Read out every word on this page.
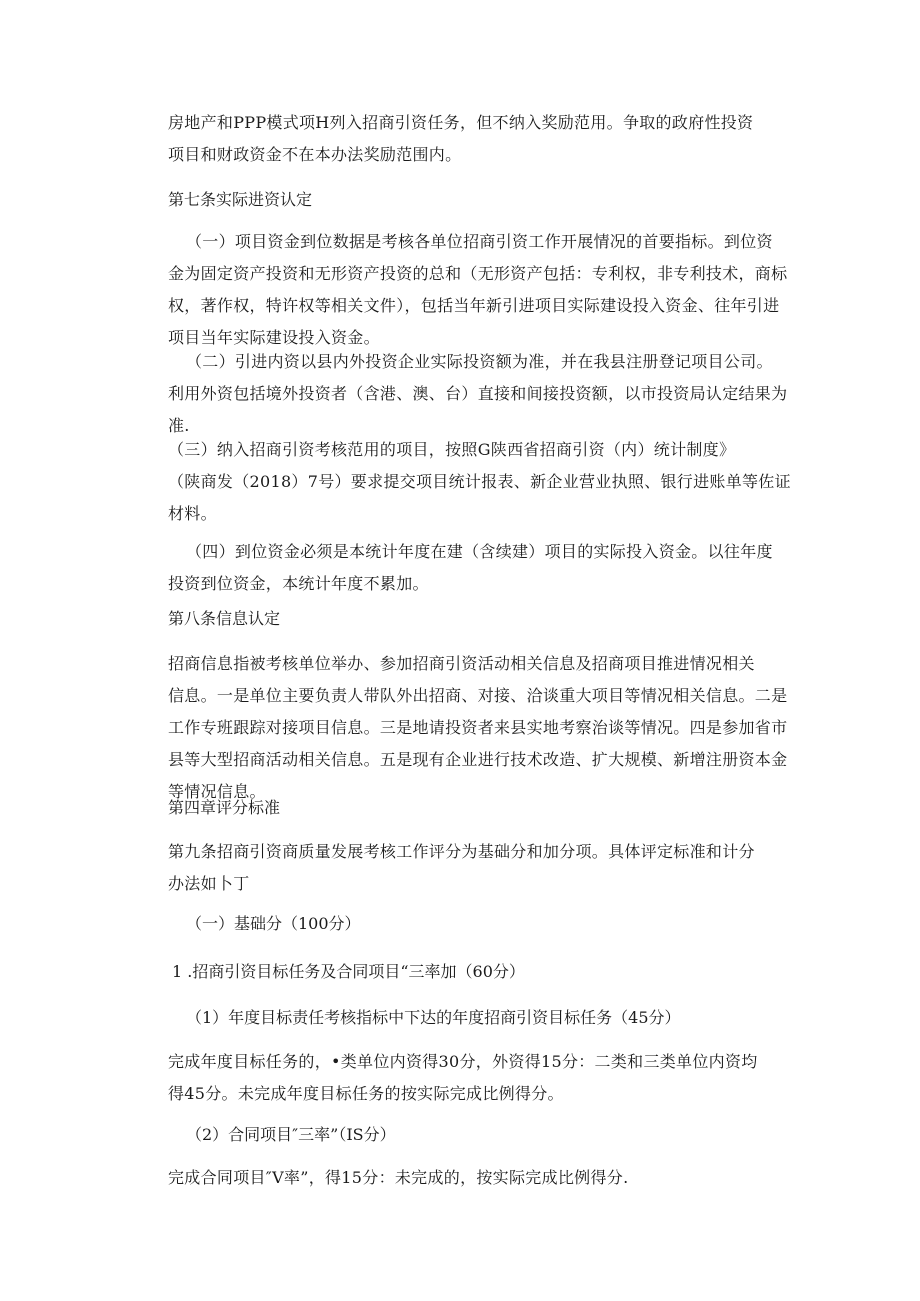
房地产和PPP模式项H列入招商引资任务，但不纳入奖励范用。争取的政府性投资
项目和财政资金不在本办法奖励范围内。

第七条实际进资认定

（一）项目资金到位数据是考核各单位招商引资工作开展情况的首要指标。到位资
金为固定资产投资和无形资产投资的总和（无形资产包括：专利权，非专利技术，商标
权，著作权，特许权等相关文件），包括当年新引进项目实际建设投入资金、往年引进
项目当年实际建设投入资金。

（二）引进内资以县内外投资企业实际投资额为准，并在我县注册登记项目公司。
利用外资包括境外投资者（含港、澳、台）直接和间接投资额，以市投资局认定结果为
准.

（三）纳入招商引资考核范用的项目，按照G陕西省招商引资（内）统计制度》
（陕商发（2018）7号）要求提交项目统计报表、新企业营业执照、银行进账单等佐证
材料。

（四）到位资金必须是本统计年度在建（含续建）项目的实际投入资金。以往年度
投资到位资金，本统计年度不累加。

第八条信息认定

招商信息指被考核单位举办、参加招商引资活动相关信息及招商项目推进情况相关
信息。一是单位主要负责人带队外出招商、对接、洽谈重大项目等情况相关信息。二是
工作专班跟踪对接项目信息。三是地请投资者来县实地考察治谈等情况。四是参加省市
县等大型招商活动相关信息。五是现有企业进行技术改造、扩大规模、新增注册资本金
等情况信息。

第四章评分标准

第九条招商引资商质量发展考核工作评分为基础分和加分项。具体评定标准和计分
办法如卜丁

（一）基础分（100分）

1 .招商引资目标任务及合同项目“三率加（60分）

（1）年度目标责任考核指标中下达的年度招商引资目标任务（45分）

完成年度目标任务的，•类单位内资得30分，外资得15分：二类和三类单位内资均
得45分。未完成年度目标任务的按实际完成比例得分。

（2）合同项目″三率”（IS分）

完成合同项目″V率”，得15分：未完成的，按实际完成比例得分.
